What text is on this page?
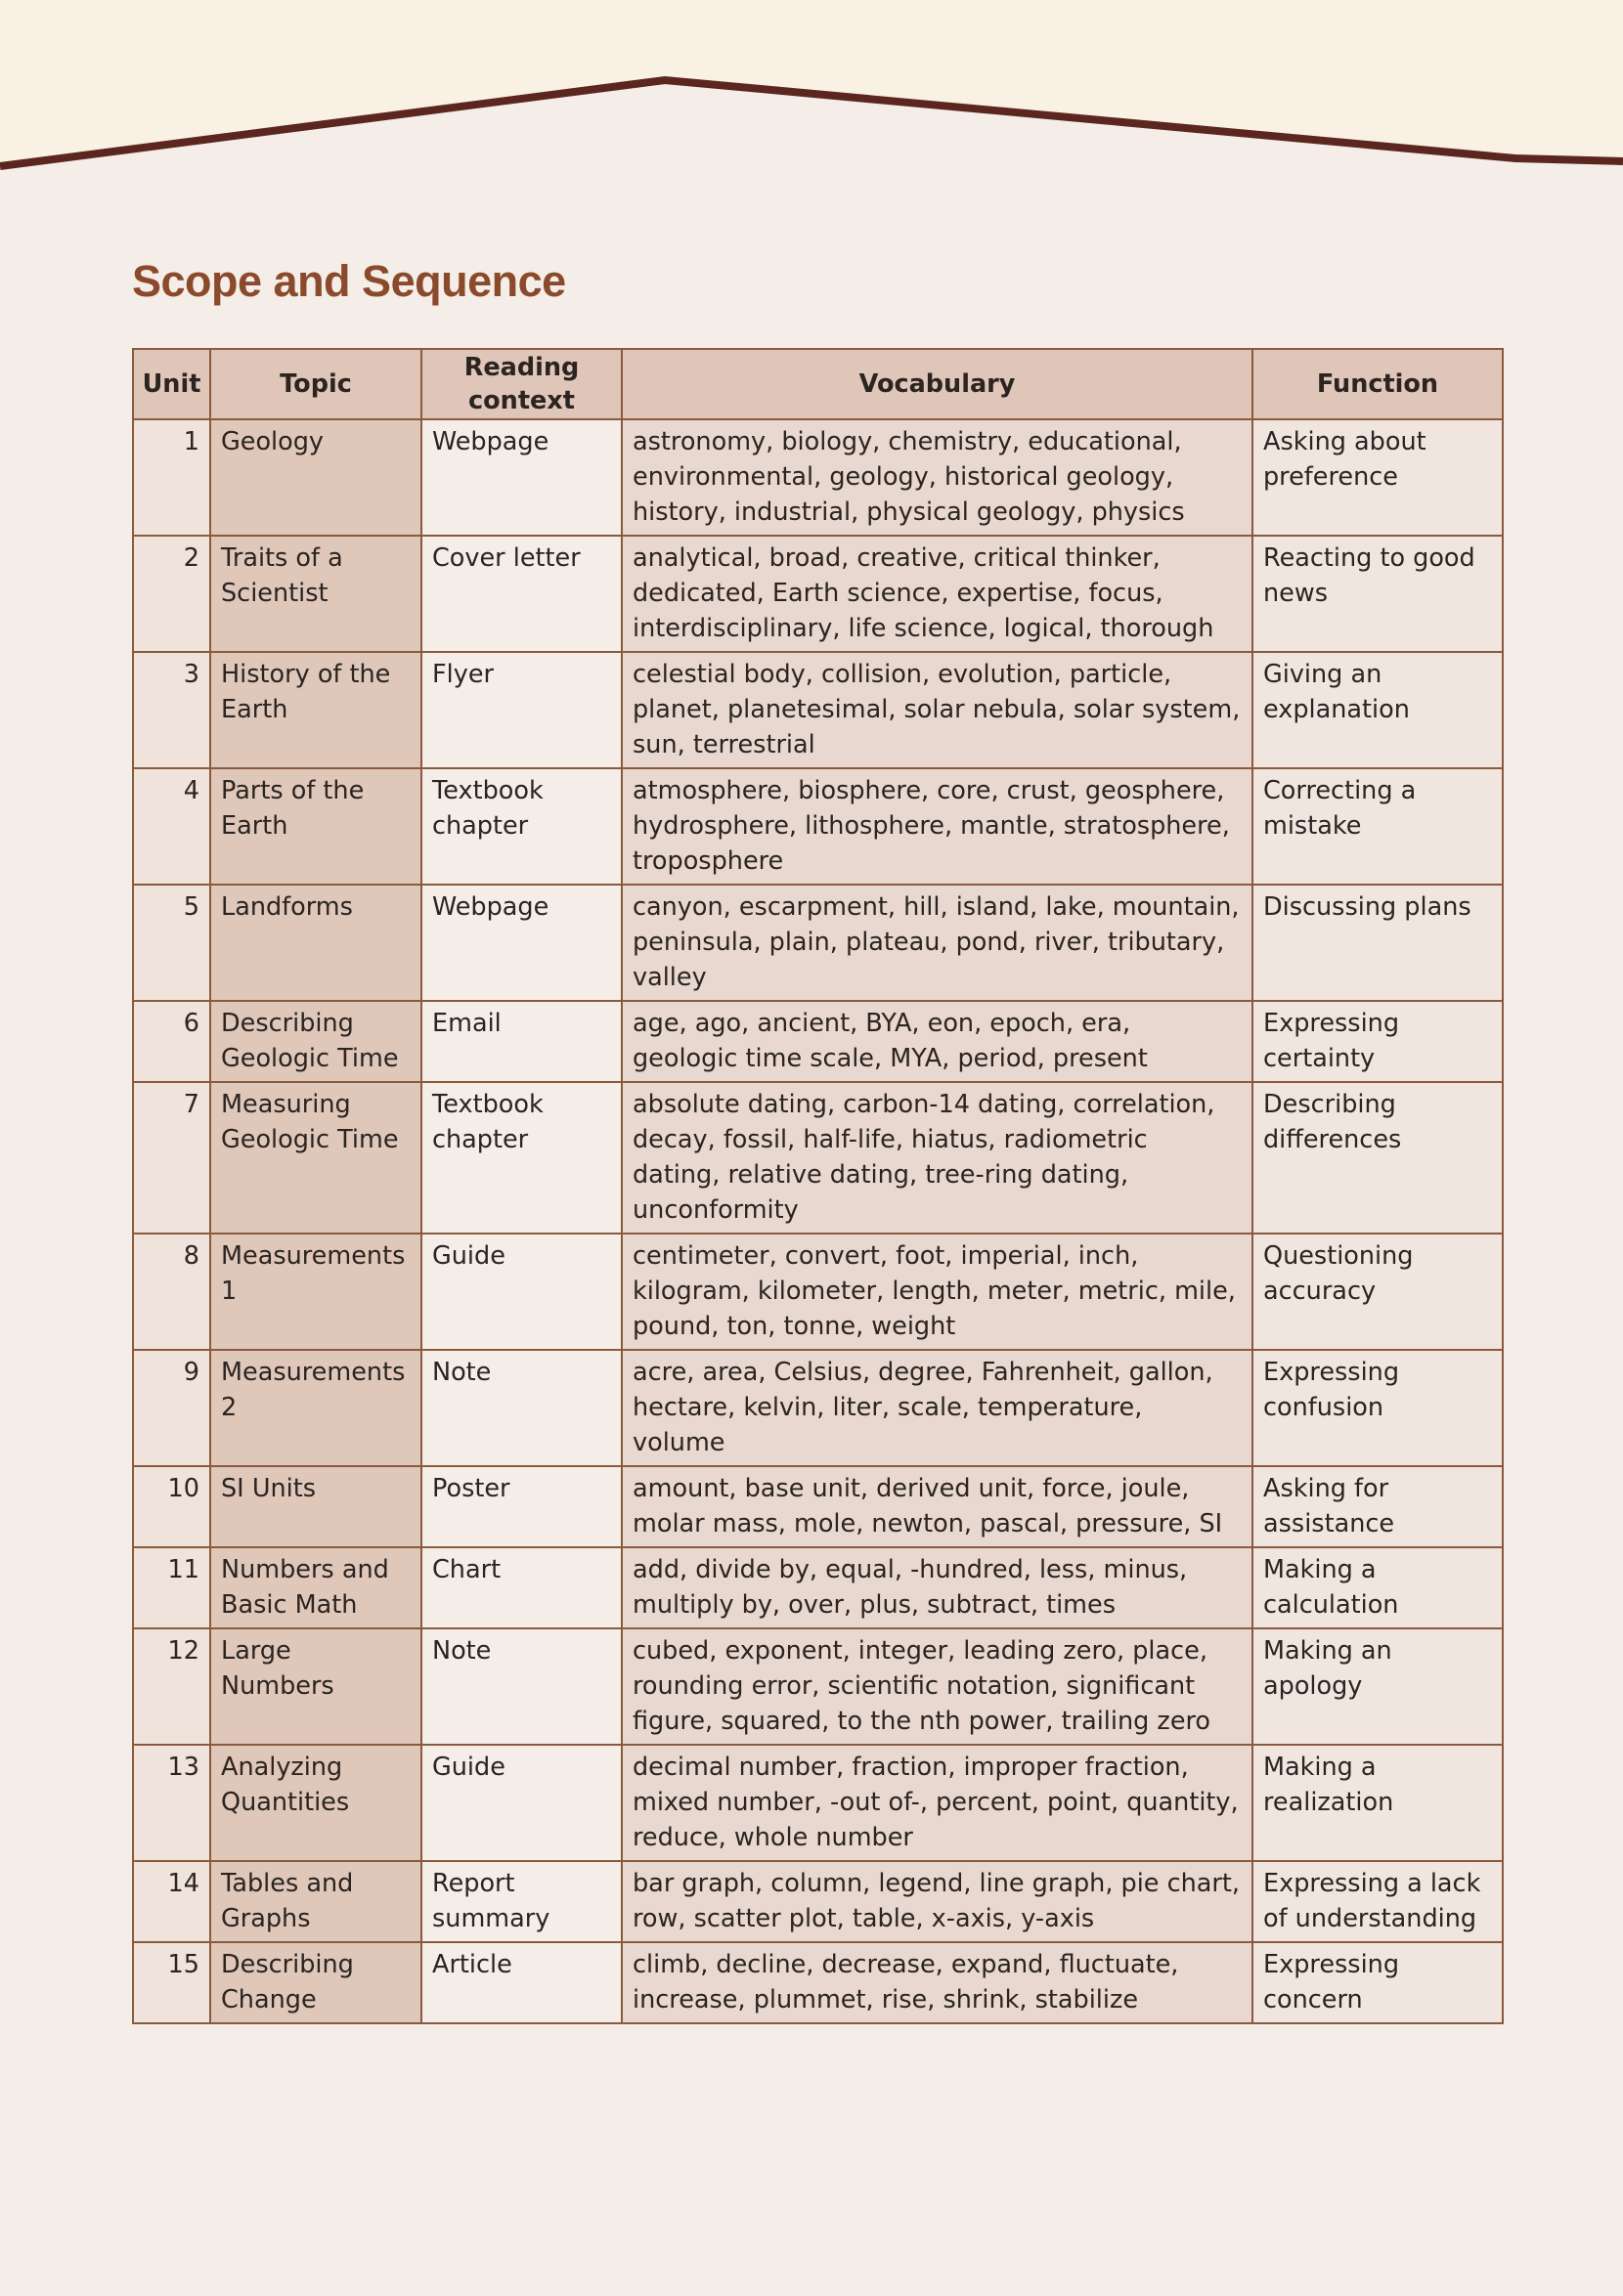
Scope and Sequence
Unit	Topic	Reading context	Vocabulary	Function
1	Geology	Webpage	astronomy, biology, chemistry, educational, environmental, geology, historical geology, history, industrial, physical geology, physics	Asking about preference
2	Traits of a Scientist	Cover letter	analytical, broad, creative, critical thinker, dedicated, Earth science, expertise, focus, interdisciplinary, life science, logical, thorough	Reacting to good news
3	History of the Earth	Flyer	celestial body, collision, evolution, particle, planet, planetesimal, solar nebula, solar system, sun, terrestrial	Giving an explanation
4	Parts of the Earth	Textbook chapter	atmosphere, biosphere, core, crust, geosphere, hydrosphere, lithosphere, mantle, stratosphere, troposphere	Correcting a mistake
5	Landforms	Webpage	canyon, escarpment, hill, island, lake, mountain, peninsula, plain, plateau, pond, river, tributary, valley	Discussing plans
6	Describing Geologic Time	Email	age, ago, ancient, BYA, eon, epoch, era, geologic time scale, MYA, period, present	Expressing certainty
7	Measuring Geologic Time	Textbook chapter	absolute dating, carbon-14 dating, correlation, decay, fossil, half-life, hiatus, radiometric dating, relative dating, tree-ring dating, unconformity	Describing differences
8	Measurements 1	Guide	centimeter, convert, foot, imperial, inch, kilogram, kilometer, length, meter, metric, mile, pound, ton, tonne, weight	Questioning accuracy
9	Measurements 2	Note	acre, area, Celsius, degree, Fahrenheit, gallon, hectare, kelvin, liter, scale, temperature, volume	Expressing confusion
10	SI Units	Poster	amount, base unit, derived unit, force, joule, molar mass, mole, newton, pascal, pressure, SI	Asking for assistance
11	Numbers and Basic Math	Chart	add, divide by, equal, -hundred, less, minus, multiply by, over, plus, subtract, times	Making a calculation
12	Large Numbers	Note	cubed, exponent, integer, leading zero, place, rounding error, scientific notation, significant figure, squared, to the nth power, trailing zero	Making an apology
13	Analyzing Quantities	Guide	decimal number, fraction, improper fraction, mixed number, -out of-, percent, point, quantity, reduce, whole number	Making a realization
14	Tables and Graphs	Report summary	bar graph, column, legend, line graph, pie chart, row, scatter plot, table, x-axis, y-axis	Expressing a lack of understanding
15	Describing Change	Article	climb, decline, decrease, expand, fluctuate, increase, plummet, rise, shrink, stabilize	Expressing concern
